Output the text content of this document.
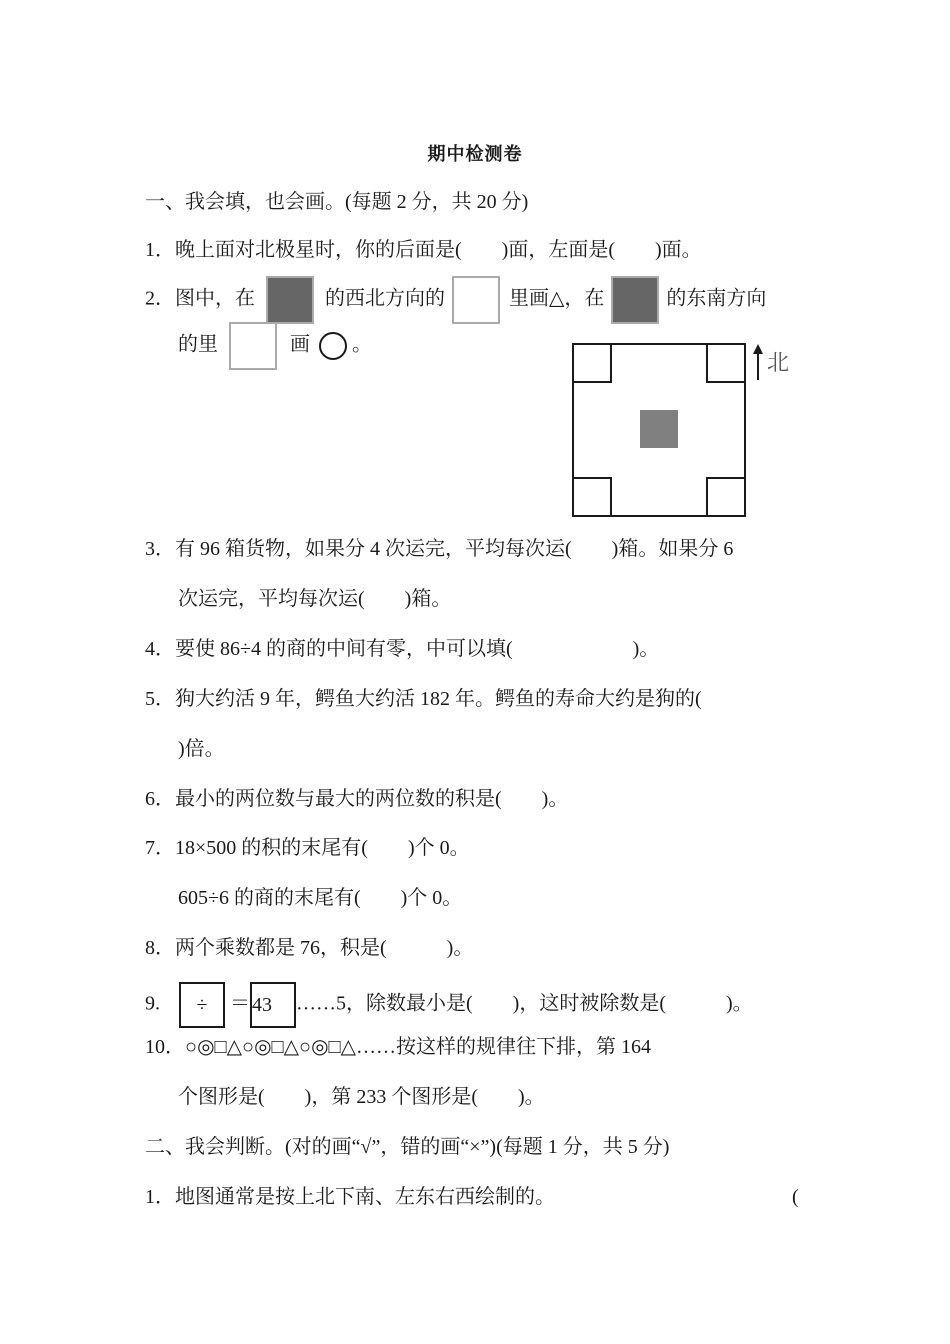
期中检测卷
一、我会填，也会画。(每题 2 分，共 20 分)
1．晚上面对北极星时，你的后面是(　　)面，左面是(　　)面。
2．图中，在	的西北方向的	里画△，在	的东南方向
的里	画 。
北
3．有 96 箱货物，如果分 4 次运完，平均每次运(　　)箱。如果分 6
次运完，平均每次运(　　)箱。
4．要使 86÷4 的商的中间有零，中可以填(　　　　　　)。
5．狗大约活 9 年，鳄鱼大约活 182 年。鳄鱼的寿命大约是狗的(
)倍。
6．最小的两位数与最大的两位数的积是(　　)。
7．18×500 的积的末尾有(　　)个 0。
605÷6 的商的末尾有(　　)个 0。
8．两个乘数都是 76，积是(　　　)。
9. ÷ ＝ 43 ……5，除数最小是(　　)，这时被除数是(　　　)。
10．○◎□△○◎□△○◎□△……按这样的规律往下排，第 164
个图形是(　　)，第 233 个图形是(　　)。
二、我会判断。(对的画“√”，错的画“×”)(每题 1 分，共 5 分)
1．地图通常是按上北下南、左东右西绘制的。	(
